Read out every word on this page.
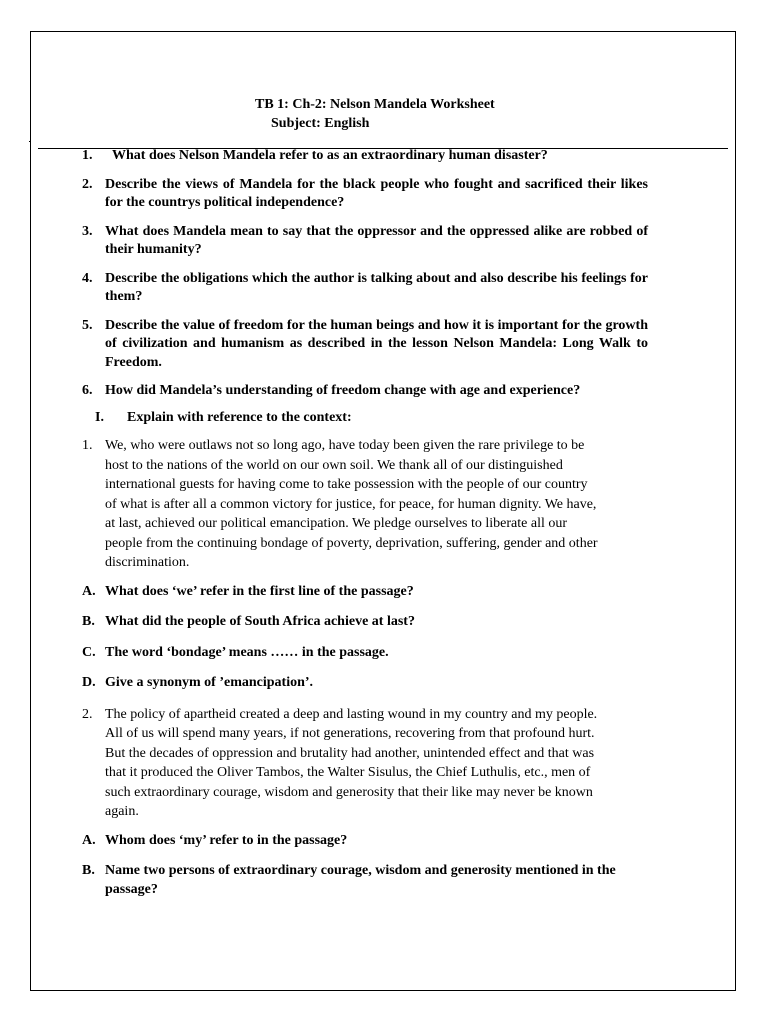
TB 1: Ch-2: Nelson Mandela Worksheet
Subject: English
1. What does Nelson Mandela refer to as an extraordinary human disaster?
2. Describe the views of Mandela for the black people who fought and sacrificed their likes for the countrys political independence?
3. What does Mandela mean to say that the oppressor and the oppressed alike are robbed of their humanity?
4. Describe the obligations which the author is talking about and also describe his feelings for them?
5. Describe the value of freedom for the human beings and how it is important for the growth of civilization and humanism as described in the lesson Nelson Mandela: Long Walk to Freedom.
6. How did Mandela’s understanding of freedom change with age and experience?
I. Explain with reference to the context:
1. We, who were outlaws not so long ago, have today been given the rare privilege to be
host to the nations of the world on our own soil. We thank all of our distinguished
international guests for having come to take possession with the people of our country
of what is after all a common victory for justice, for peace, for human dignity. We have,
at last, achieved our political emancipation. We pledge ourselves to liberate all our
people from the continuing bondage of poverty, deprivation, suffering, gender and other
discrimination.
A. What does ‘we’ refer in the first line of the passage?
B. What did the people of South Africa achieve at last?
C. The word ‘bondage’ means …… in the passage.
D. Give a synonym of ’emancipation’.
2. The policy of apartheid created a deep and lasting wound in my country and my people.
All of us will spend many years, if not generations, recovering from that profound hurt.
But the decades of oppression and brutality had another, unintended effect and that was
that it produced the Oliver Tambos, the Walter Sisulus, the Chief Luthulis, etc., men of
such extraordinary courage, wisdom and generosity that their like may never be known
again.
A. Whom does ‘my’ refer to in the passage?
B. Name two persons of extraordinary courage, wisdom and generosity mentioned in the passage?
